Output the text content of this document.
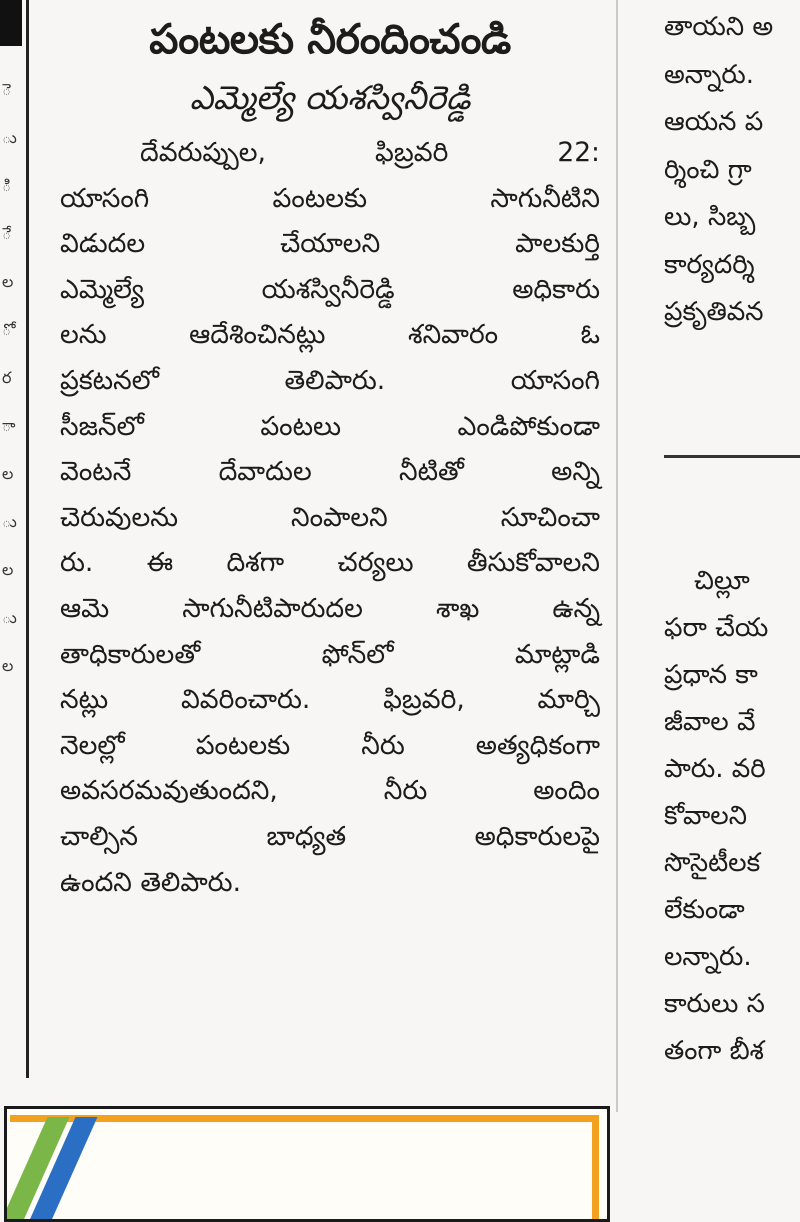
ె
ు
ి
ే
ల
ో
ర
ా
ల
ు
ల
ు
ల
పంటలకు నీరందించండి
ఎమ్మెల్యే యశస్వినీరెడ్డి
దేవరుప్పుల, ఫిబ్రవరి 22:
యాసంగి పంటలకు సాగునీటిని
విడుదల చేయాలని పాలకుర్తి
ఎమ్మెల్యే యశస్వినీరెడ్డి అధికారు
లను ఆదేశించినట్లు శనివారం ఓ
ప్రకటనలో తెలిపారు. యాసంగి
సీజన్‌లో పంటలు ఎండిపోకుండా
వెంటనే దేవాదుల నీటితో అన్ని
చెరువులను నింపాలని సూచించా
రు. ఈ దిశగా చర్యలు తీసుకోవాలని
ఆమె సాగునీటిపారుదల శాఖ ఉన్న
తాధికారులతో ఫోన్‌లో మాట్లాడి
నట్లు వివరించారు. ఫిబ్రవరి, మార్చి
నెలల్లో పంటలకు నీరు అత్యధికంగా
అవసరమవుతుందని, నీరు అందిం
చాల్సిన బాధ్యత అధికారులపై
ఉందని తెలిపారు.
తాయని అ
అన్నారు.
ఆయన ప
ర్శించి గ్రా
లు, సిబ్బ
కార్యదర్శి
ప్రకృతివన
చిల్లూ
ఫరా చేయ
ప్రధాన కా
జీవాల వే
పారు. వరి
కోవాలని
సొసైటీలక
లేకుండా
లన్నారు.
కారులు స
తంగా బీశ
